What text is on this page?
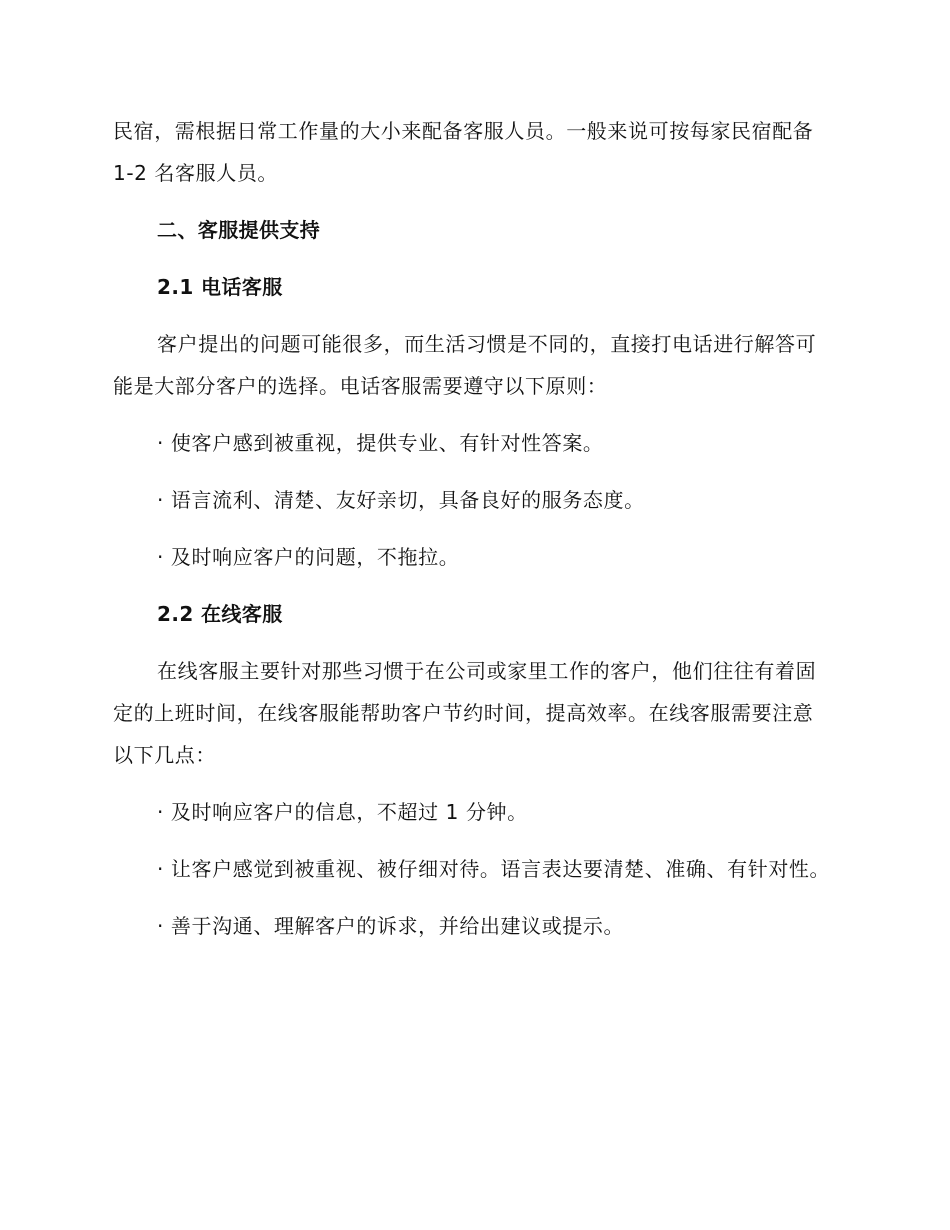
民宿，需根据日常工作量的大小来配备客服人员。一般来说可按每家民宿配备 1-2 名客服人员。

二、客服提供支持
2.1 电话客服

客户提出的问题可能很多，而生活习惯是不同的，直接打电话进行解答可能是大部分客户的选择。电话客服需要遵守以下原则：

· 使客户感到被重视，提供专业、有针对性答案。

· 语言流利、清楚、友好亲切，具备良好的服务态度。

· 及时响应客户的问题，不拖拉。

2.2 在线客服

在线客服主要针对那些习惯于在公司或家里工作的客户，他们往往有着固定的上班时间，在线客服能帮助客户节约时间，提高效率。在线客服需要注意以下几点：

· 及时响应客户的信息，不超过 1 分钟。

· 让客户感觉到被重视、被仔细对待。语言表达要清楚、准确、有针对性。

· 善于沟通、理解客户的诉求，并给出建议或提示。
